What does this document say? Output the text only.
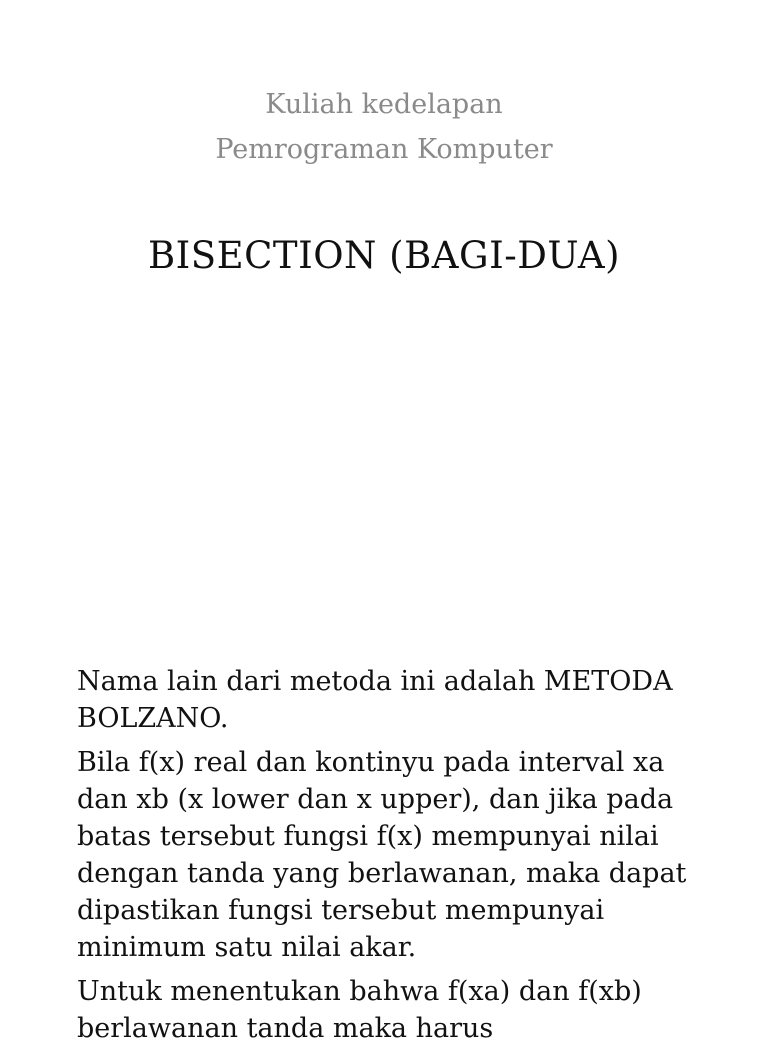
Kuliah kedelapan
Pemrograman Komputer
BISECTION (BAGI-DUA)

Nama lain dari metoda ini adalah METODA BOLZANO.

Bila f(x) real dan kontinyu pada interval xa dan xb (x lower dan x upper), dan jika pada batas tersebut fungsi f(x) mempunyai nilai dengan tanda yang berlawanan, maka dapat dipastikan fungsi tersebut mempunyai minimum satu nilai akar.

Untuk menentukan bahwa f(xa) dan f(xb) berlawanan tanda maka harus
